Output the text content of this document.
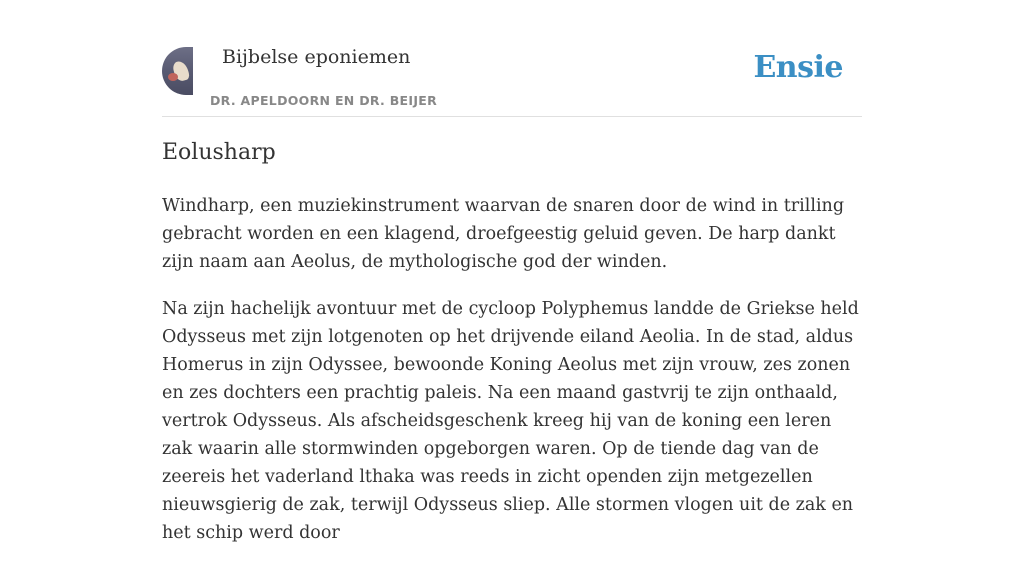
Bijbelse eponiemen
DR. APELDOORN EN DR. BEIJER
Ensie
Eolusharp

Windharp, een muziekinstrument waarvan de snaren door de wind in trilling gebracht worden en een klagend, droefgeestig geluid geven. De harp dankt zijn naam aan Aeolus, de mythologische god der winden.

Na zijn hachelijk avontuur met de cycloop Polyphemus landde de Griekse held Odysseus met zijn lotgenoten op het drijvende eiland Aeolia. In de stad, aldus Homerus in zijn Odyssee, bewoonde Koning Aeolus met zijn vrouw, zes zonen en zes dochters een prachtig paleis. Na een maand gastvrij te zijn onthaald, vertrok Odysseus. Als afscheidsgeschenk kreeg hij van de koning een leren zak waarin alle stormwinden opgeborgen waren. Op de tiende dag van de zeereis het vaderland lthaka was reeds in zicht openden zijn metgezellen nieuwsgierig de zak, terwijl Odysseus sliep. Alle stormen vlogen uit de zak en het schip werd door
